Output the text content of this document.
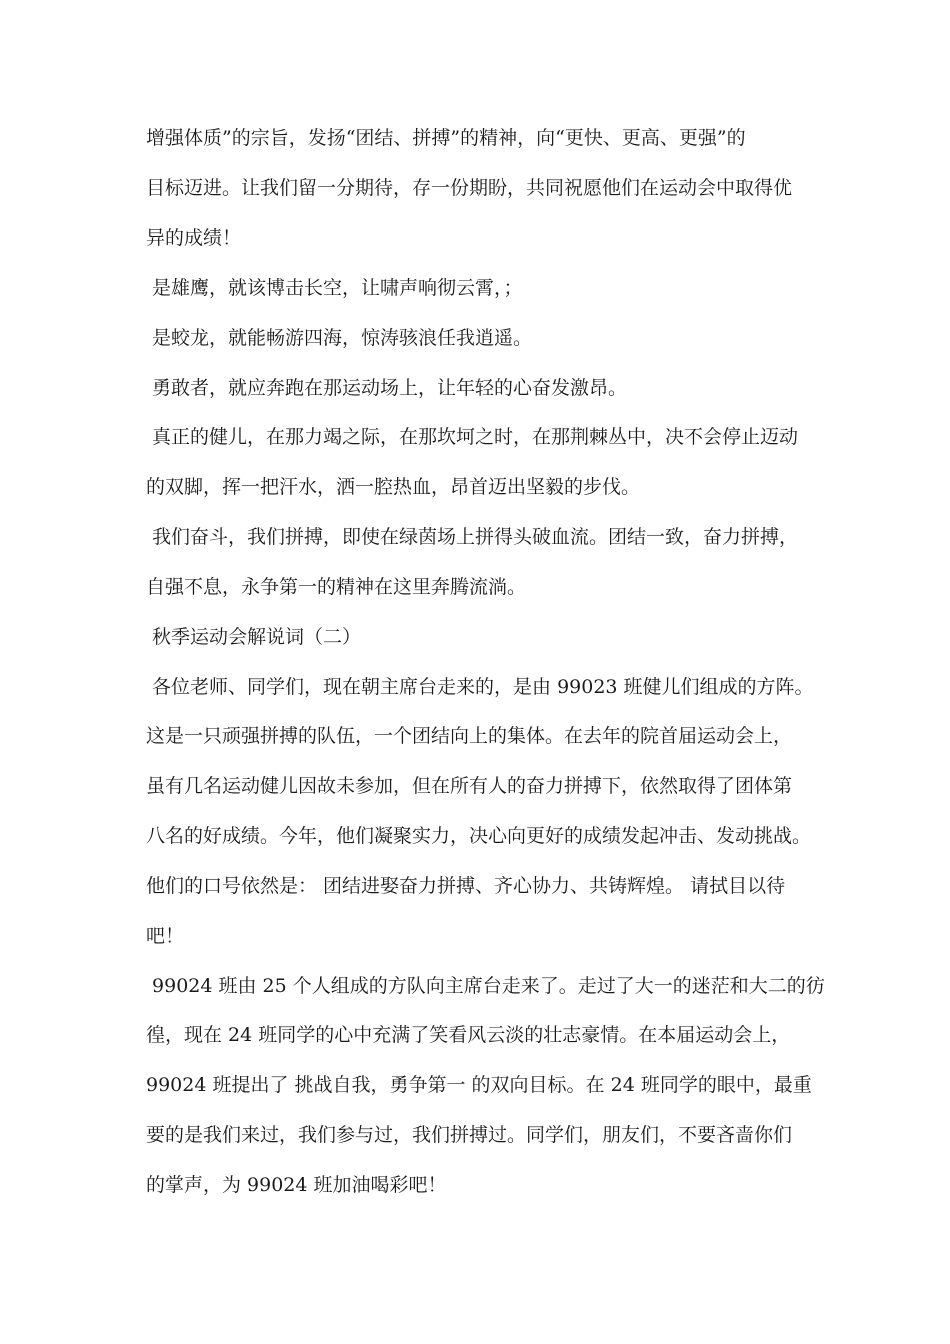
增强体质”的宗旨，发扬“团结、拼搏”的精神，向“更快、更高、更强”的
目标迈进。让我们留一分期待，存一份期盼，共同祝愿他们在运动会中取得优
异的成绩！
是雄鹰，就该博击长空，让啸声响彻云霄，；
是蛟龙，就能畅游四海，惊涛骇浪任我逍遥。
勇敢者，就应奔跑在那运动场上，让年轻的心奋发激昂。
真正的健儿，在那力竭之际，在那坎坷之时，在那荆棘丛中，决不会停止迈动
的双脚，挥一把汗水，洒一腔热血，昂首迈出坚毅的步伐。
我们奋斗，我们拼搏，即使在绿茵场上拼得头破血流。团结一致，奋力拼搏，
自强不息，永争第一的精神在这里奔腾流淌。
秋季运动会解说词（二）
各位老师、同学们，现在朝主席台走来的，是由 99023 班健儿们组成的方阵。
这是一只顽强拼搏的队伍，一个团结向上的集体。在去年的院首届运动会上，
虽有几名运动健儿因故未参加，但在所有人的奋力拼搏下，依然取得了团体第
八名的好成绩。今年，他们凝聚实力，决心向更好的成绩发起冲击、发动挑战。
他们的口号依然是： 团结进娶奋力拼搏、齐心协力、共铸辉煌。 请拭目以待
吧！
99024 班由 25 个人组成的方队向主席台走来了。走过了大一的迷茫和大二的彷
徨，现在 24 班同学的心中充满了笑看风云淡的壮志豪情。在本届运动会上，
99024 班提出了 挑战自我，勇争第一 的双向目标。在 24 班同学的眼中，最重
要的是我们来过，我们参与过，我们拼搏过。同学们，朋友们，不要吝啬你们
的掌声，为 99024 班加油喝彩吧！
